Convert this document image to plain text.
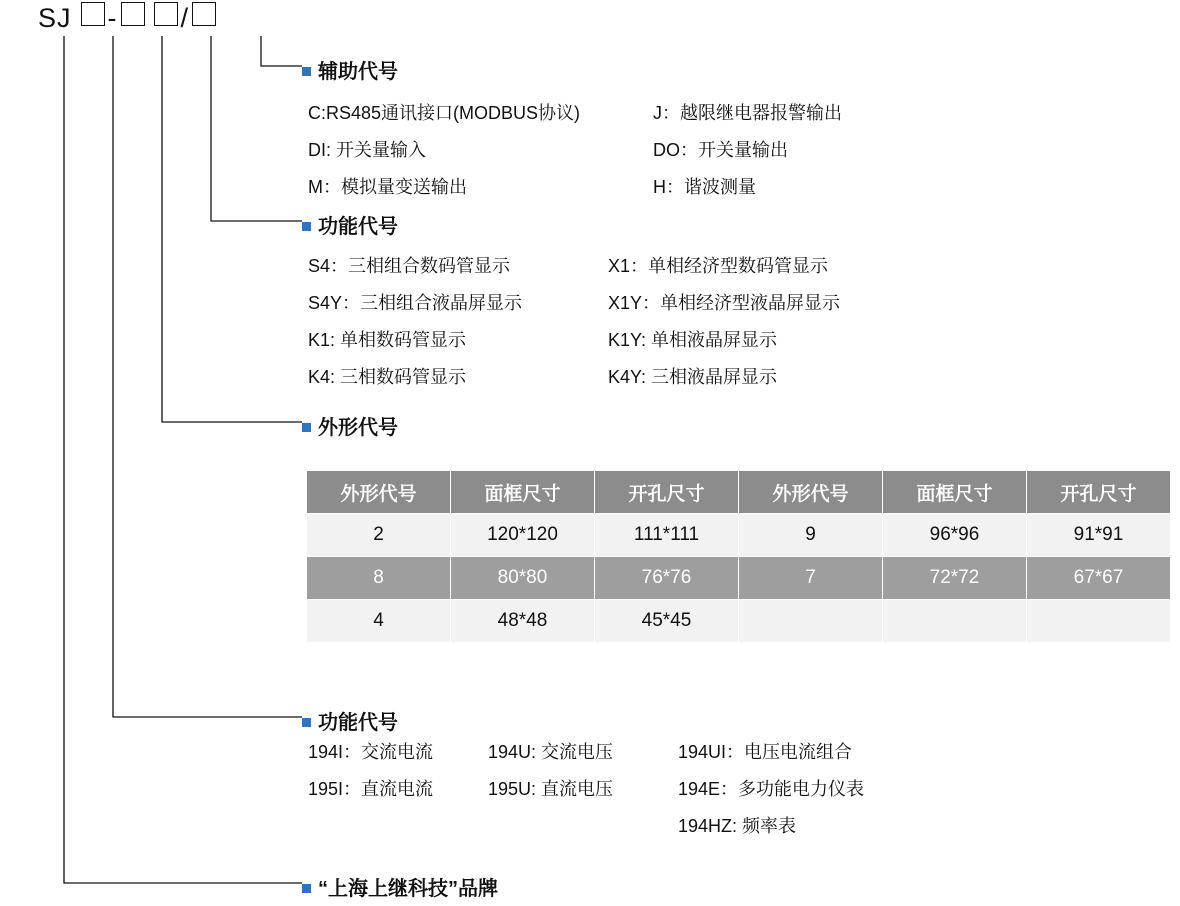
SJ - /
辅助代号
C:RS485通讯接口(MODBUS协议)	J：越限继电器报警输出
DI: 开关量输入	DO：开关量输出
M：模拟量变送输出	H：谐波测量
功能代号
S4：三相组合数码管显示	X1：单相经济型数码管显示
S4Y：三相组合液晶屏显示	X1Y：单相经济型液晶屏显示
K1: 单相数码管显示	K1Y: 单相液晶屏显示
K4: 三相数码管显示	K4Y: 三相液晶屏显示
外形代号
外形代号	面框尺寸	开孔尺寸	外形代号	面框尺寸	开孔尺寸
2	120*120	111*111	9	96*96	91*91
8	80*80	76*76	7	72*72	67*67
4	48*48	45*45			
功能代号
194I：交流电流	194U: 交流电压	194UI：电压电流组合
195I：直流电流	195U: 直流电压	194E：多功能电力仪表
194HZ: 频率表
“上海上继科技”品牌
